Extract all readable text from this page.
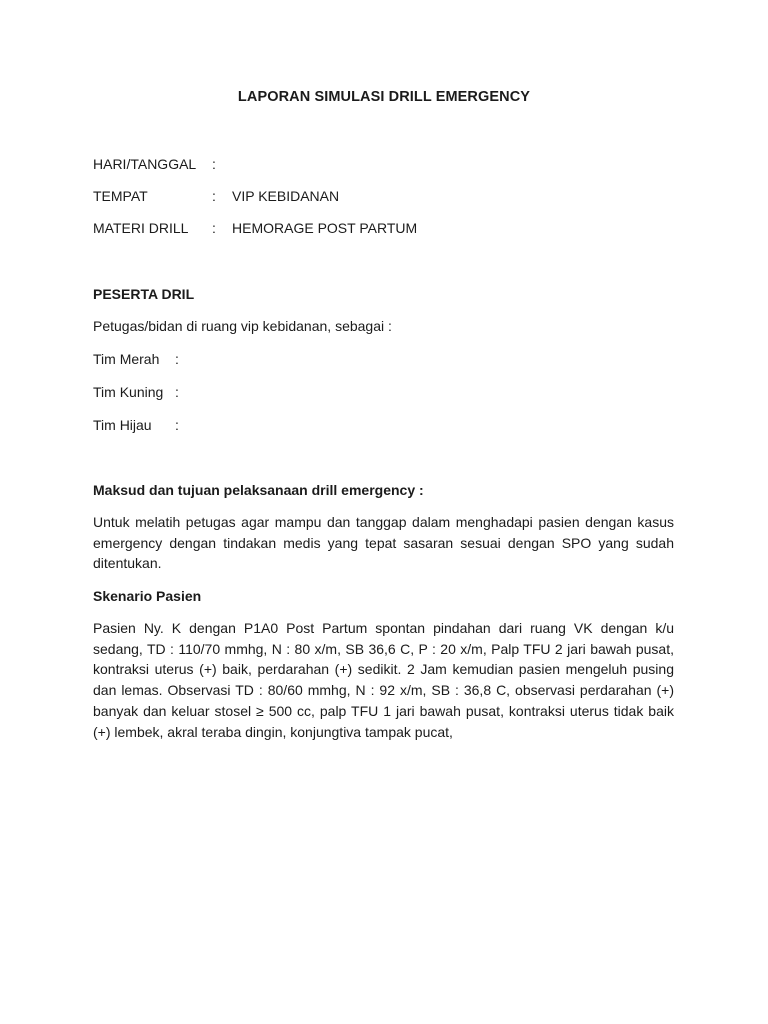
LAPORAN SIMULASI DRILL EMERGENCY
HARI/TANGGAL :
TEMPAT	: VIP KEBIDANAN
MATERI DRILL : HEMORAGE POST PARTUM
PESERTA DRIL
Petugas/bidan di ruang vip kebidanan, sebagai :
Tim Merah :
Tim Kuning :
Tim Hijau :
Maksud dan tujuan pelaksanaan drill emergency :
Untuk melatih petugas agar mampu dan tanggap dalam menghadapi pasien dengan kasus emergency dengan tindakan medis yang tepat sasaran sesuai dengan SPO yang sudah ditentukan.
Skenario Pasien
Pasien Ny. K dengan P1A0 Post Partum spontan pindahan dari ruang VK dengan k/u sedang, TD : 110/70 mmhg, N : 80 x/m, SB 36,6 C, P : 20 x/m, Palp TFU 2 jari bawah pusat, kontraksi uterus (+) baik, perdarahan (+) sedikit. 2 Jam kemudian pasien mengeluh pusing dan lemas. Observasi TD : 80/60 mmhg, N : 92 x/m, SB : 36,8 C, observasi perdarahan (+) banyak dan keluar stosel ≥ 500 cc, palp TFU 1 jari bawah pusat, kontraksi uterus tidak baik (+) lembek, akral teraba dingin, konjungtiva tampak pucat,
